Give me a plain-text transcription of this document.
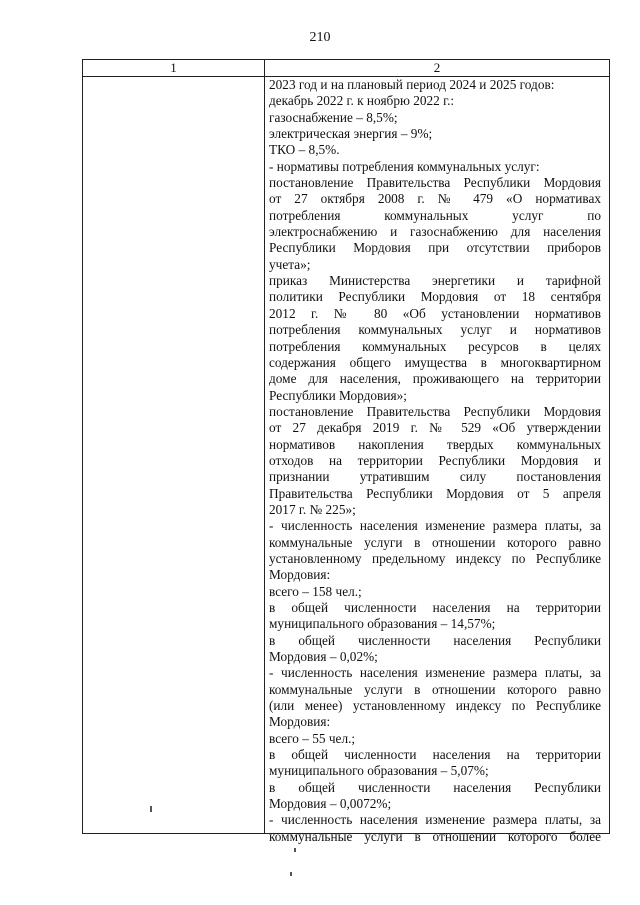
210
1	2
2023 год и на плановый период 2024 и 2025 годов:
декабрь 2022 г. к ноябрю 2022 г.:
газоснабжение – 8,5%;
электрическая энергия – 9%;
ТКО – 8,5%.
- нормативы потребления коммунальных услуг:
постановление Правительства Республики Мордовия
от 27 октября 2008 г. № 479 «О нормативах
потребления коммунальных услуг по
электроснабжению и газоснабжению для населения
Республики Мордовия при отсутствии приборов
учета»;
приказ Министерства энергетики и тарифной
политики Республики Мордовия от 18 сентября
2012 г. № 80 «Об установлении нормативов
потребления коммунальных услуг и нормативов
потребления коммунальных ресурсов в целях
содержания общего имущества в многоквартирном
доме для населения, проживающего на территории
Республики Мордовия»;
постановление Правительства Республики Мордовия
от 27 декабря 2019 г. № 529 «Об утверждении
нормативов накопления твердых коммунальных
отходов на территории Республики Мордовия и
признании утратившим силу постановления
Правительства Республики Мордовия от 5 апреля
2017 г. № 225»;
- численность населения изменение размера платы, за
коммунальные услуги в отношении которого равно
установленному предельному индексу по Республике
Мордовия:
всего – 158 чел.;
в общей численности населения на территории
муниципального образования – 14,57%;
в общей численности населения Республики
Мордовия – 0,02%;
- численность населения изменение размера платы, за
коммунальные услуги в отношении которого равно
(или менее) установленному индексу по Республике
Мордовия:
всего – 55 чел.;
в общей численности населения на территории
муниципального образования – 5,07%;
в общей численности населения Республики
Мордовия – 0,0072%;
- численность населения изменение размера платы, за
коммунальные услуги в отношении которого более
